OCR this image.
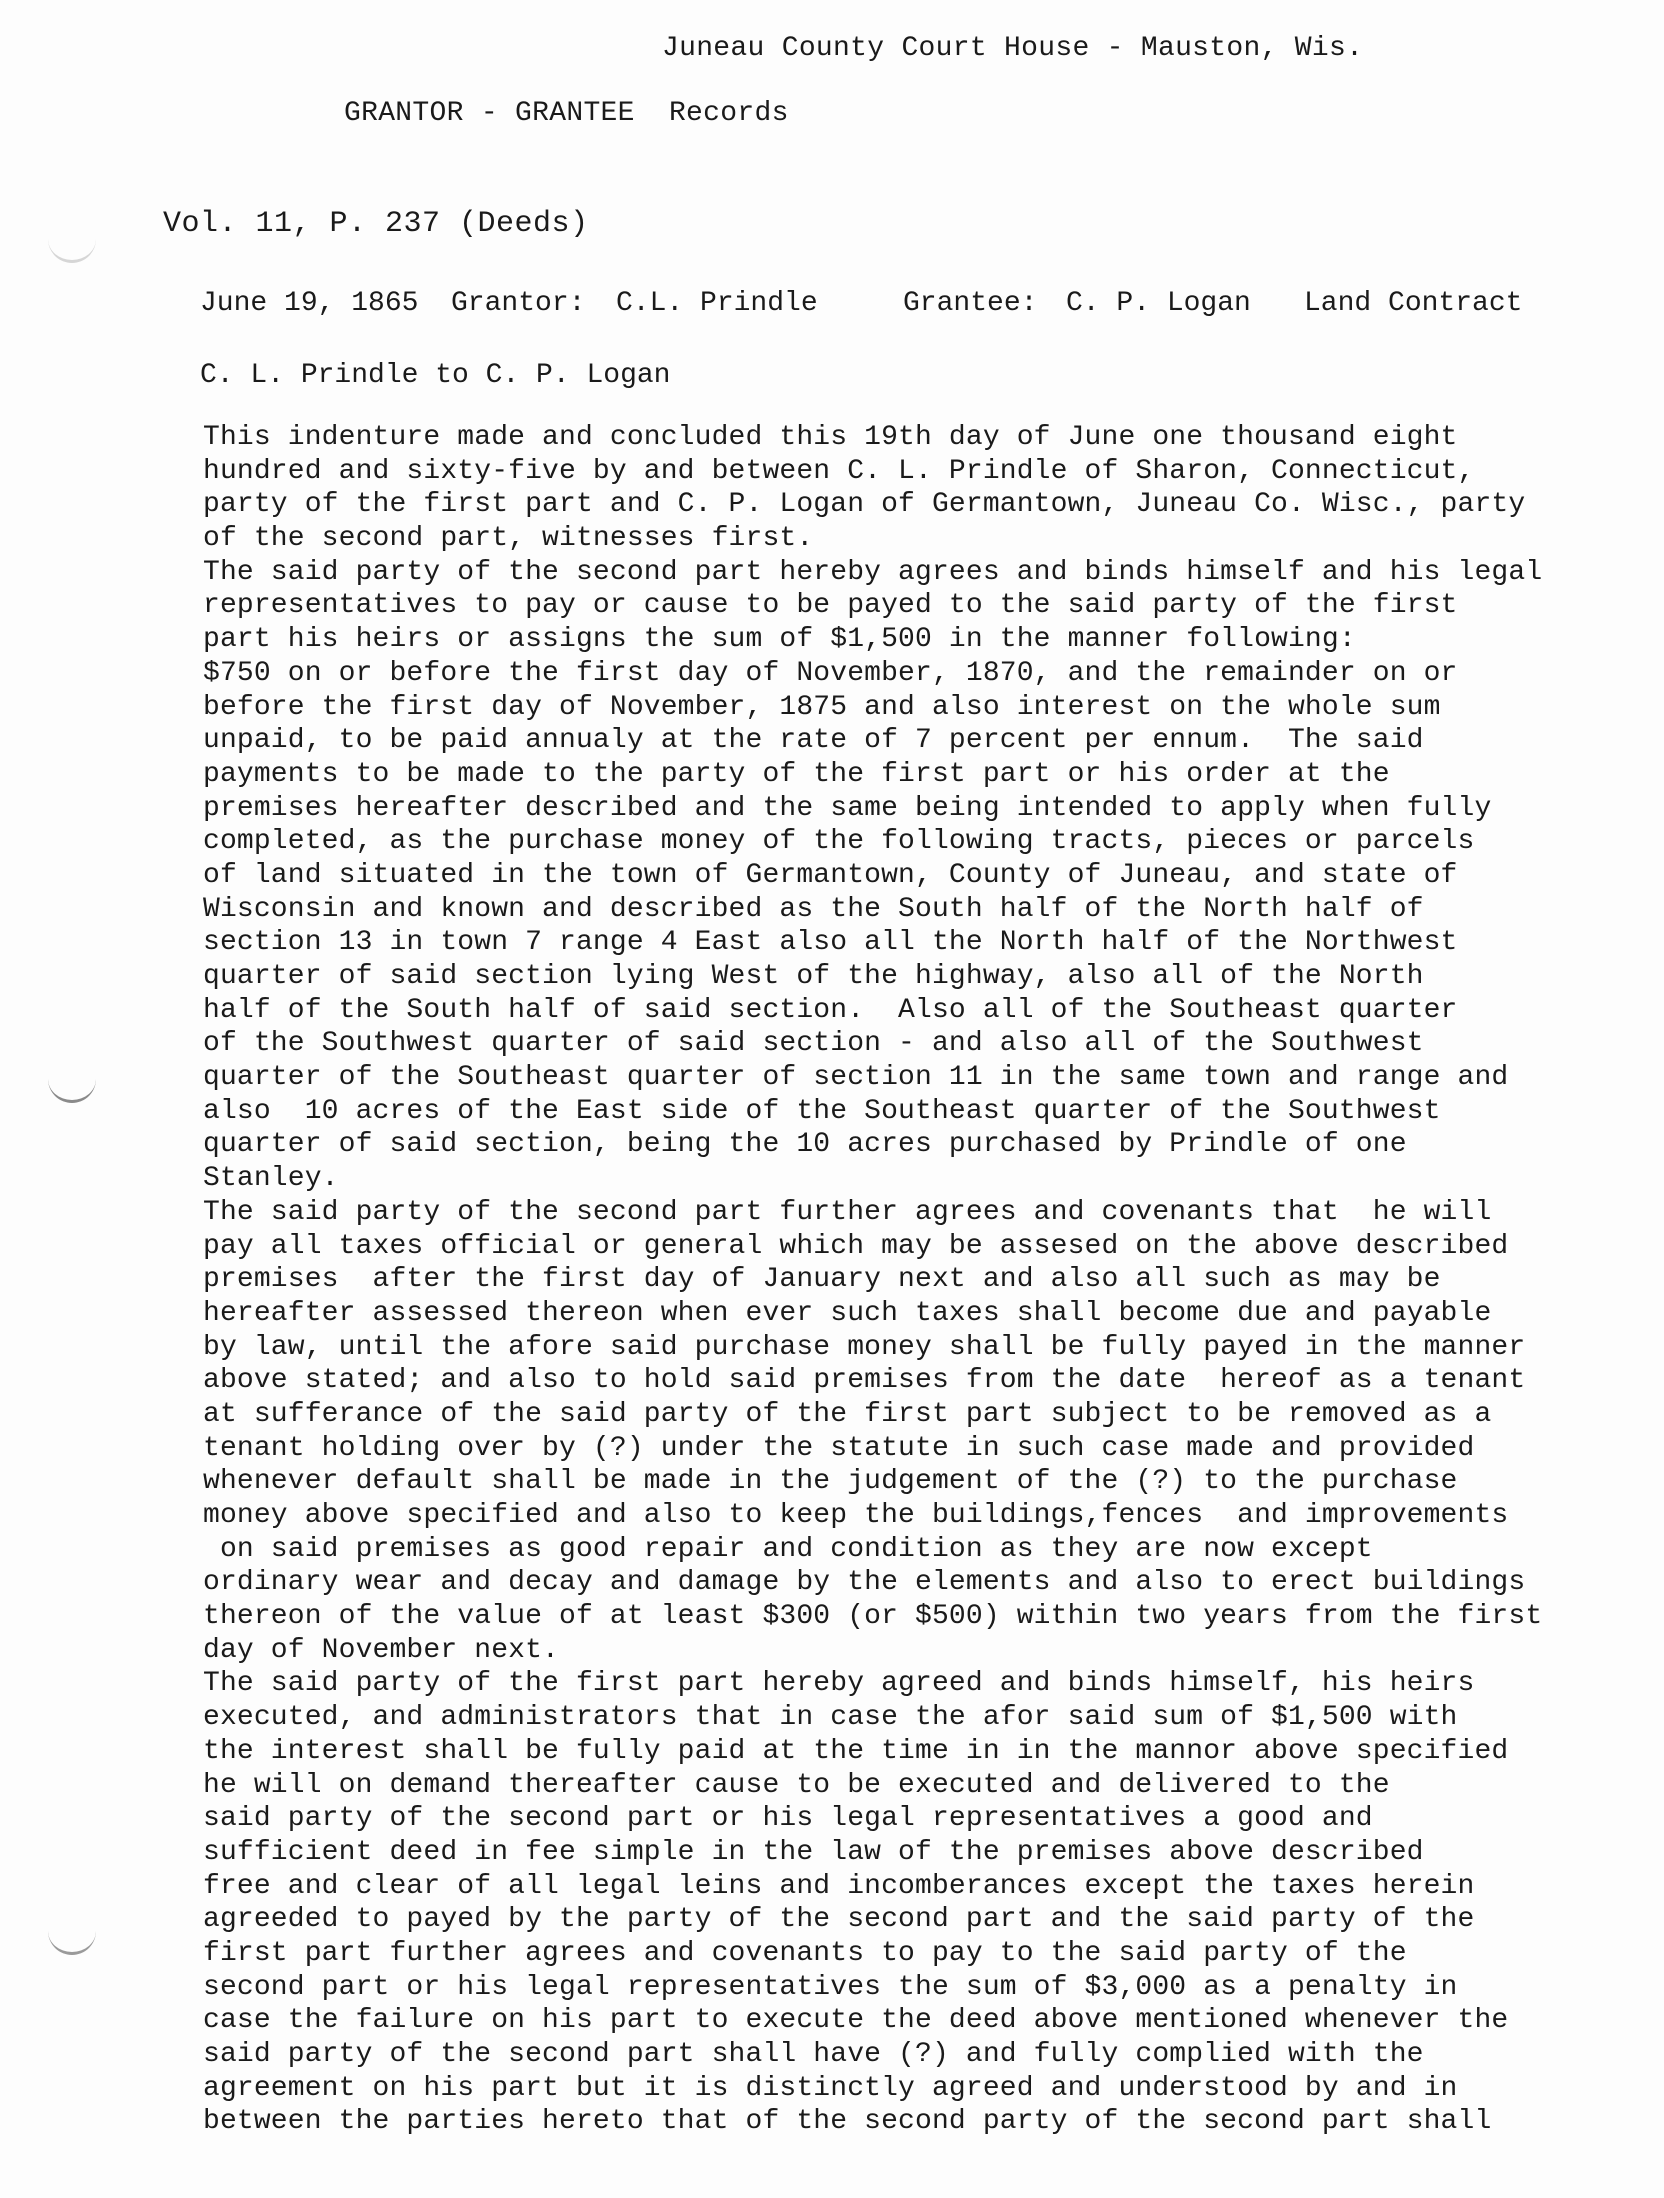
Juneau County Court House - Mauston, Wis.
GRANTOR - GRANTEE  Records
Vol. 11, P. 237 (Deeds)

June 19, 1865

Grantor:

C.L. Prindle

	Grantee:

C. P. Logan

Land Contract

C. L. Prindle to C. P. Logan
This indenture made and concluded this 19th day of June one thousand eight
hundred and sixty-five by and between C. L. Prindle of Sharon, Connecticut,
party of the first part and C. P. Logan of Germantown, Juneau Co. Wisc., party
of the second part, witnesses first.
The said party of the second part hereby agrees and binds himself and his legal
representatives to pay or cause to be payed to the said party of the first
part his heirs or assigns the sum of $1,500 in the manner following:
$750 on or before the first day of November, 1870, and the remainder on or
before the first day of November, 1875 and also interest on the whole sum
unpaid, to be paid annualy at the rate of 7 percent per ennum.  The said
payments to be made to the party of the first part or his order at the
premises hereafter described and the same being intended to apply when fully
completed, as the purchase money of the following tracts, pieces or parcels
of land situated in the town of Germantown, County of Juneau, and state of
Wisconsin and known and described as the South half of the North half of
section 13 in town 7 range 4 East also all the North half of the Northwest
quarter of said section lying West of the highway, also all of the North
half of the South half of said section.  Also all of the Southeast quarter
of the Southwest quarter of said section - and also all of the Southwest
quarter of the Southeast quarter of section 11 in the same town and range and
also  10 acres of the East side of the Southeast quarter of the Southwest
quarter of said section, being the 10 acres purchased by Prindle of one
Stanley.
The said party of the second part further agrees and covenants that  he will
pay all taxes official or general which may be assesed on the above described
premises  after the first day of January next and also all such as may be
hereafter assessed thereon when ever such taxes shall become due and payable
by law, until the afore said purchase money shall be fully payed in the manner
above stated; and also to hold said premises from the date  hereof as a tenant
at sufferance of the said party of the first part subject to be removed as a
tenant holding over by (?) under the statute in such case made and provided
whenever default shall be made in the judgement of the (?) to the purchase
money above specified and also to keep the buildings,fences  and improvements
on said premises as good repair and condition as they are now except
ordinary wear and decay and damage by the elements and also to erect buildings
thereon of the value of at least $300 (or $500) within two years from the first
day of November next.
The said party of the first part hereby agreed and binds himself, his heirs
executed, and administrators that in case the afor said sum of $1,500 with
the interest shall be fully paid at the time in in the mannor above specified
he will on demand thereafter cause to be executed and delivered to the
said party of the second part or his legal representatives a good and
sufficient deed in fee simple in the law of the premises above described
free and clear of all legal leins and incomberances except the taxes herein
agreeded to payed by the party of the second part and the said party of the
first part further agrees and covenants to pay to the said party of the
second part or his legal representatives the sum of $3,000 as a penalty in
case the failure on his part to execute the deed above mentioned whenever the
said party of the second part shall have (?) and fully complied with the
agreement on his part but it is distinctly agreed and understood by and in
between the parties hereto that of the second party of the second part shall
